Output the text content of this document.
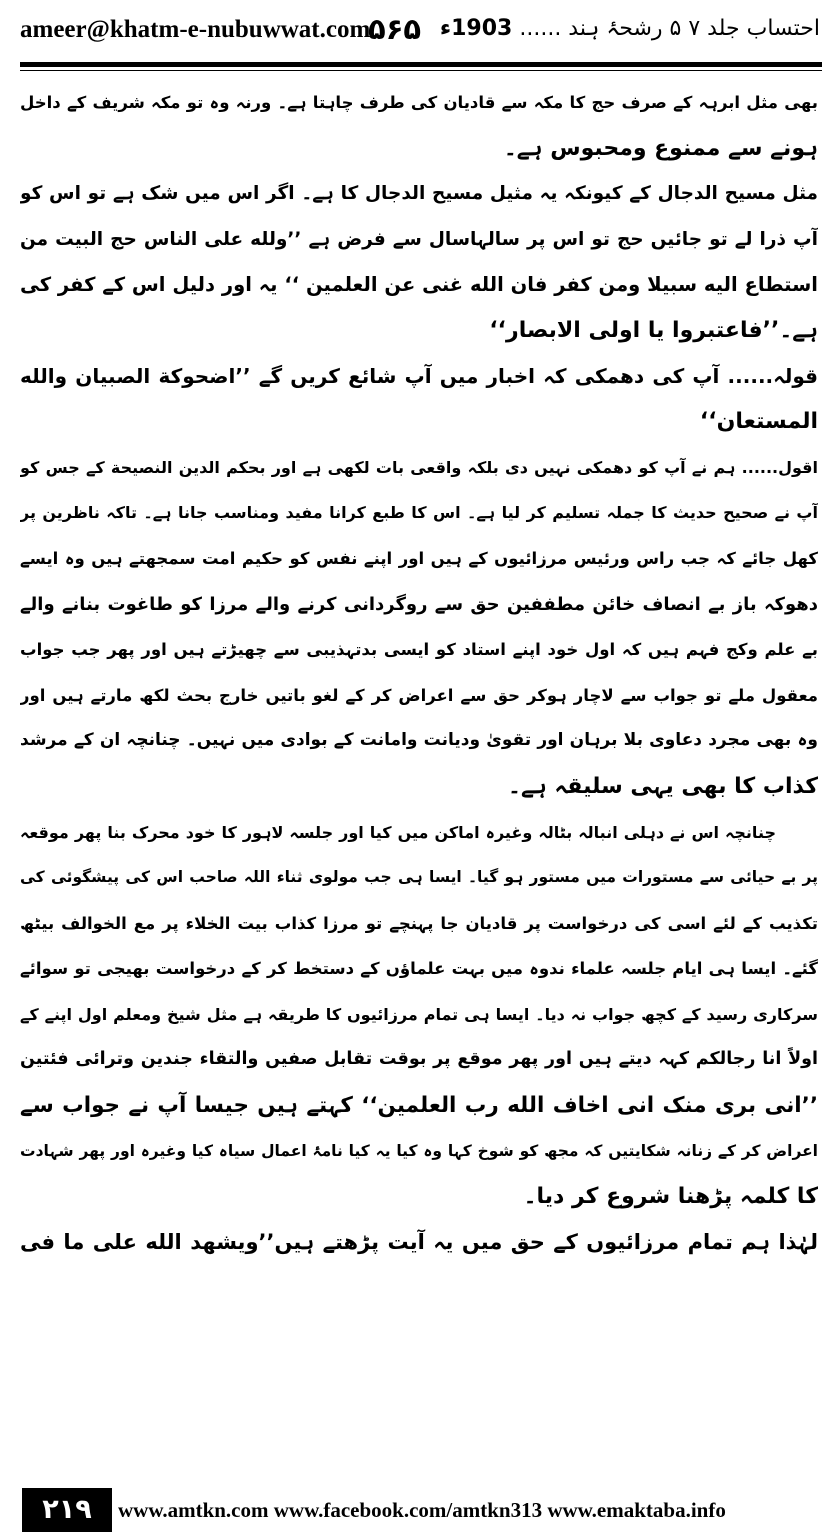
ameer@khatm-e-nubuwwat.com
۵۶۵	احتساب جلد ۷ ۵ رشحۂ ہند ...... 1903ء
بھی مثل ابرہہ کے صرف حج کا مکہ سے قادیان کی طرف چاہتا ہے۔ ورنہ وہ تو مکہ شریف کے داخل
ہونے سے ممنوع ومحبوس ہے۔
مثل مسیح الدجال کے کیونکہ یہ مثیل مسیح الدجال کا ہے۔ اگر اس میں شک ہے تو اس کو
آپ ذرا لے تو جائیں حج تو اس پر سالہاسال سے فرض ہے ’’ولله علی الناس حج البیت من
استطاع الیه سبیلا ومن کفر فان الله غنی عن العلمین ‘‘ یہ اور دلیل اس کے کفر کی
ہے۔’’فاعتبروا یا اولی الابصار‘‘
قولہ...... آپ کی دھمکی کہ اخبار میں آپ شائع کریں گے ’’اضحوکة الصبیان والله
المستعان‘‘
اقول...... ہم نے آپ کو دھمکی نہیں دی بلکہ واقعی بات لکھی ہے اور بحکم الدین النصیحة کے جس کو
آپ نے صحیح حدیث کا جملہ تسلیم کر لیا ہے۔ اس کا طبع کرانا مفید ومناسب جانا ہے۔ تاکہ ناظرین پر
کھل جائے کہ جب راس ورئیس مرزائیوں کے ہیں اور اپنے نفس کو حکیم امت سمجھتے ہیں وہ ایسے
دھوکہ باز بے انصاف خائن مطففین حق سے روگردانی کرنے والے مرزا کو طاغوت بنانے والے
بے علم وکج فہم ہیں کہ اول خود اپنے استاد کو ایسی بدتہذیبی سے چھیڑتے ہیں اور پھر جب جواب
معقول ملے تو جواب سے لاچار ہوکر حق سے اعراض کر کے لغو باتیں خارج بحث لکھ مارتے ہیں اور
وہ بھی مجرد دعاوی بلا برہان اور تقویٰ ودیانت وامانت کے بوادی میں نہیں۔ چنانچہ ان کے مرشد
کذاب کا بھی یہی سلیقہ ہے۔
چنانچہ اس نے دہلی انبالہ بٹالہ وغیرہ اماکن میں کیا اور جلسہ لاہور کا خود محرک بنا پھر موقعہ
پر بے حیائی سے مستورات میں مستور ہو گیا۔ ایسا ہی جب مولوی ثناء اللہ صاحب اس کی پیشگوئی کی
تکذیب کے لئے اسی کی درخواست پر قادیان جا پہنچے تو مرزا کذاب بیت الخلاء پر مع الخوالف بیٹھ
گئے۔ ایسا ہی ایام جلسہ علماء ندوہ میں بہت علماؤں کے دستخط کر کے درخواست بھیجی تو سوائے
سرکاری رسید کے کچھ جواب نہ دیا۔ ایسا ہی تمام مرزائیوں کا طریقہ ہے مثل شیخ ومعلم اول اپنے کے
اولاً انا رجالکم کہہ دیتے ہیں اور پھر موقع پر بوقت تقابل صفیں والتقاء جندین وترائی فئتین
’’انی بری منک انی اخاف الله رب العلمین‘‘ کہتے ہیں جیسا آپ نے جواب سے
اعراض کر کے زنانہ شکایتیں کہ مجھ کو شوخ کہا وہ کیا یہ کیا نامۂ اعمال سیاہ کیا وغیرہ اور پھر شہادت
کا کلمہ پڑھنا شروع کر دیا۔
لہٰذا ہم تمام مرزائیوں کے حق میں یہ آیت پڑھتے ہیں’’ویشهد الله علی ما فی
۲۱۹	www.amtkn.com www.facebook.com/amtkn313 www.emaktaba.info
